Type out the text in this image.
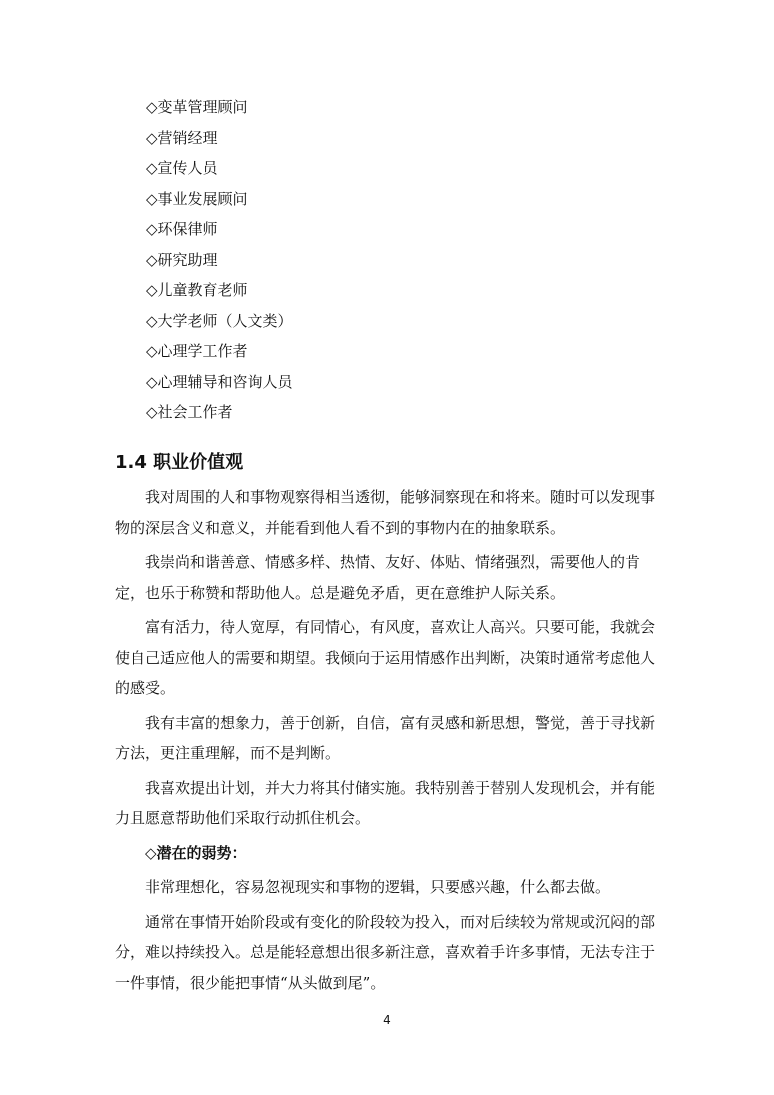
◇变革管理顾问
◇营销经理
◇宣传人员
◇事业发展顾问
◇环保律师
◇研究助理
◇儿童教育老师
◇大学老师（人文类）
◇心理学工作者
◇心理辅导和咨询人员
◇社会工作者
1.4 职业价值观

我对周围的人和事物观察得相当透彻，能够洞察现在和将来。随时可以发现事物的深层含义和意义，并能看到他人看不到的事物内在的抽象联系。

我崇尚和谐善意、情感多样、热情、友好、体贴、情绪强烈，需要他人的肯定，也乐于称赞和帮助他人。总是避免矛盾，更在意维护人际关系。

富有活力，待人宽厚，有同情心，有风度，喜欢让人高兴。只要可能，我就会使自己适应他人的需要和期望。我倾向于运用情感作出判断，决策时通常考虑他人的感受。

我有丰富的想象力，善于创新，自信，富有灵感和新思想，警觉，善于寻找新方法，更注重理解，而不是判断。

我喜欢提出计划，并大力将其付储实施。我特别善于替别人发现机会，并有能力且愿意帮助他们采取行动抓住机会。

◇潜在的弱势：

非常理想化，容易忽视现实和事物的逻辑，只要感兴趣，什么都去做。

通常在事情开始阶段或有变化的阶段较为投入，而对后续较为常规或沉闷的部分，难以持续投入。总是能轻意想出很多新注意，喜欢着手许多事情，无法专注于一件事情，很少能把事情“从头做到尾”。

4
